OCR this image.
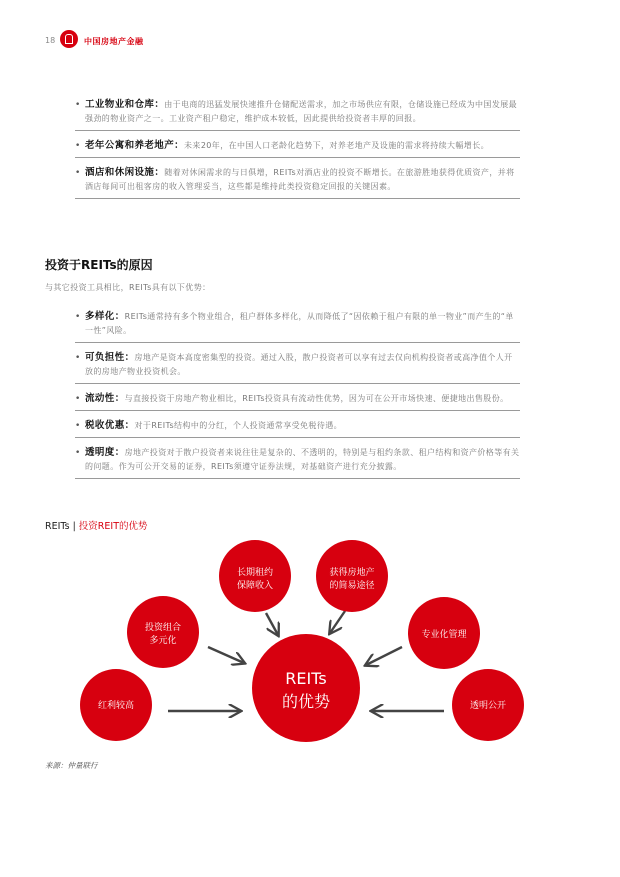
18	中国房地产金融
• 工业物业和仓库：由于电商的迅猛发展快速推升仓储配送需求，加之市场供应有限，仓储设施已经成为中国发展最强劲的物业资产之一。工业资产租户稳定，维护成本较低，因此提供给投资者丰厚的回报。
• 老年公寓和养老地产：未来20年，在中国人口老龄化趋势下，对养老地产及设施的需求将持续大幅增长。
• 酒店和休闲设施：随着对休闲需求的与日俱增，REITs对酒店业的投资不断增长。在旅游胜地获得优质资产，并将酒店每间可出租客房的收入管理妥当，这些都是维持此类投资稳定回报的关键因素。
投资于REITs的原因
与其它投资工具相比，REITs具有以下优势：
• 多样化：REITs通常持有多个物业组合，租户群体多样化，从而降低了“因依赖于租户有限的单一物业”而产生的“单一性”风险。
• 可负担性：房地产是资本高度密集型的投资。通过入股，散户投资者可以享有过去仅向机构投资者或高净值个人开放的房地产物业投资机会。
• 流动性：与直接投资于房地产物业相比，REITs投资具有流动性优势，因为可在公开市场快速、便捷地出售股份。
• 税收优惠：对于REITs结构中的分红，个人投资通常享受免税待遇。
• 透明度：房地产投资对于散户投资者来说往往是复杂的、不透明的，特别是与租约条款、租户结构和资产价格等有关的问题。作为可公开交易的证券，REITs须遵守证券法规，对基础资产进行充分披露。
REITs | 投资REIT的优势
红利较高
投资组合
多元化
长期租约
保障收入
获得房地产
的简易途径
专业化管理
透明公开
REITs
的优势
来源：仲量联行
